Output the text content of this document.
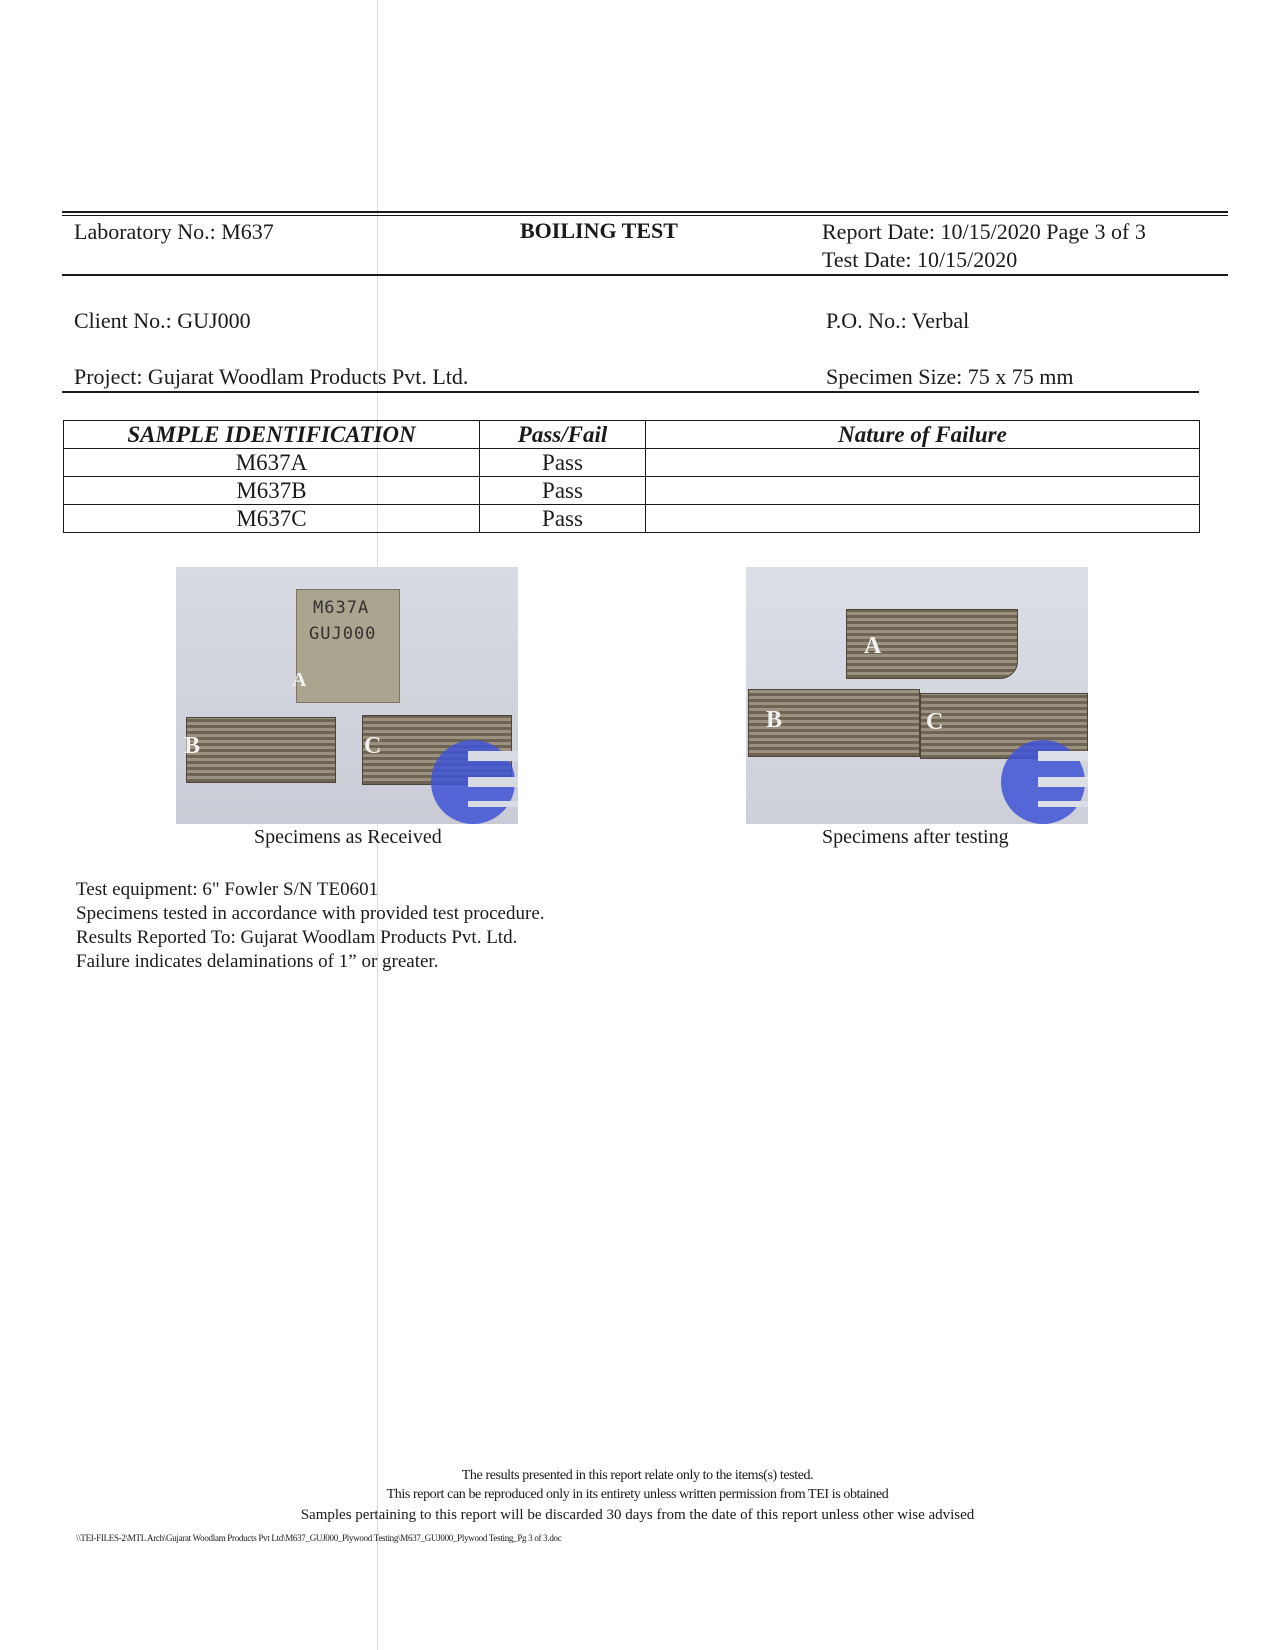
Laboratory No.: M637	BOILING TEST	Report Date: 10/15/2020 Page 3 of 3
Test Date: 10/15/2020
Client No.: GUJ000	P.O. No.: Verbal
Project: Gujarat Woodlam Products Pvt. Ltd.	Specimen Size: 75 x 75 mm
SAMPLE IDENTIFICATION	Pass/Fail	Nature of Failure
M637A	Pass	
M637B	Pass	
M637C	Pass	
M637A
GUJ000
A
B	C
Specimens as Received
A
B	C
Specimens after testing
Test equipment: 6" Fowler S/N TE0601
Specimens tested in accordance with provided test procedure.
Results Reported To: Gujarat Woodlam Products Pvt. Ltd.
Failure indicates delaminations of 1” or greater.
The results presented in this report relate only to the items(s) tested.
This report can be reproduced only in its entirety unless written permission from TEI is obtained
Samples pertaining to this report will be discarded 30 days from the date of this report unless other wise advised
\\TEI-FILES-2\MTL Arch\Gujarat Woodlam Products Pvt Ltd\M637_GUJ000_Plywood Testing\M637_GUJ000_Plywood Testing_Pg 3 of 3.doc
